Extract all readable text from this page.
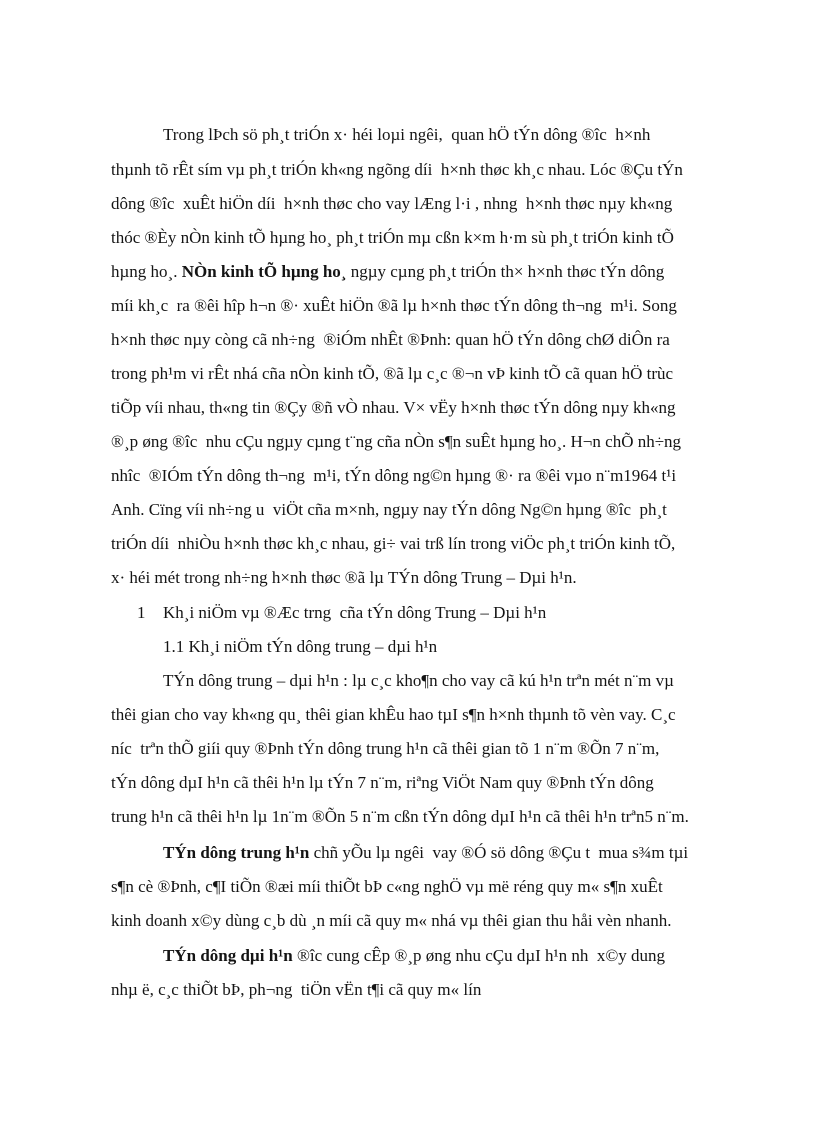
Trong lÞch sö ph¸t triÓn x· héi loµi ngêi,  quan hÖ tÝn dông ®îc  h×nh
thµnh tõ rÊt sím vµ ph¸t triÓn kh«ng ngõng díi  h×nh thøc kh¸c nhau. Lóc ®Çu tÝn
dông ®îc  xuÊt hiÖn díi  h×nh thøc cho vay lÆng l·i , nhng  h×nh thøc nµy kh«ng
thóc ®Èy nÒn kinh tÕ hµng ho¸ ph¸t triÓn mµ cßn k×m h·m sù ph¸t triÓn kinh tÕ
hµng ho¸. NÒn kinh tÕ hµng ho¸ ngµy cµng ph¸t triÓn th× h×nh thøc tÝn dông
míi kh¸c  ra ®êi hîp h¬n ®· xuÊt hiÖn ®ã lµ h×nh thøc tÝn dông th¬ng  m¹i. Song
h×nh thøc nµy còng cã nh÷ng  ®iÓm nhÊt ®Þnh: quan hÖ tÝn dông chØ diÔn ra
trong ph¹m vi rÊt nhá cña nÒn kinh tÕ, ®ã lµ c¸c ®¬n vÞ kinh tÕ cã quan hÖ trùc
tiÕp víi nhau, th«ng tin ®Çy ®ñ vÒ nhau. V× vËy h×nh thøc tÝn dông nµy kh«ng
®¸p øng ®îc  nhu cÇu ngµy cµng t¨ng cña nÒn s¶n suÊt hµng ho¸. H¬n chÕ nh÷ng
nhîc  ®IÓm tÝn dông th¬ng  m¹i, tÝn dông ng©n hµng ®· ra ®êi vµo n¨m1964 t¹i
Anh. Cïng víi nh÷ng u  viÖt cña m×nh, ngµy nay tÝn dông Ng©n hµng ®îc  ph¸t
triÓn díi  nhiÒu h×nh thøc kh¸c nhau, gi÷ vai trß lín trong viÖc ph¸t triÓn kinh tÕ,
x· héi mét trong nh÷ng h×nh thøc ®ã lµ TÝn dông Trung – Dµi h¹n.
1 Kh¸i niÖm vµ ®Æc trng  cña tÝn dông Trung – Dµi h¹n
1.1 Kh¸i niÖm tÝn dông trung – dµi h¹n
TÝn dông trung – dµi h¹n : lµ c¸c kho¶n cho vay cã kú h¹n trªn mét n¨m vµ
thêi gian cho vay kh«ng qu¸ thêi gian khÊu hao tµI s¶n h×nh thµnh tõ vèn vay. C¸c
níc  trªn thÕ giíi quy ®Þnh tÝn dông trung h¹n cã thêi gian tõ 1 n¨m ®Õn 7 n¨m,
tÝn dông dµI h¹n cã thêi h¹n lµ tÝn 7 n¨m, riªng ViÖt Nam quy ®Þnh tÝn dông
trung h¹n cã thêi h¹n lµ 1n¨m ®Õn 5 n¨m cßn tÝn dông dµI h¹n cã thêi h¹n trªn5 n¨m.
TÝn dông trung h¹n chñ yÕu lµ ngêi  vay ®Ó sö dông ®Çu t  mua s¾m tµi
s¶n cè ®Þnh, c¶I tiÕn ®æi míi thiÕt bÞ c«ng nghÖ vµ më réng quy m« s¶n xuÊt
kinh doanh x©y dùng c¸b dù ¸n míi cã quy m« nhá vµ thêi gian thu håi vèn nhanh.
TÝn dông dµi h¹n ®îc cung cÊp ®¸p øng nhu cÇu dµI h¹n nh  x©y dung
nhµ ë, c¸c thiÕt bÞ, ph¬ng  tiÖn vËn t¶i cã quy m« lín
